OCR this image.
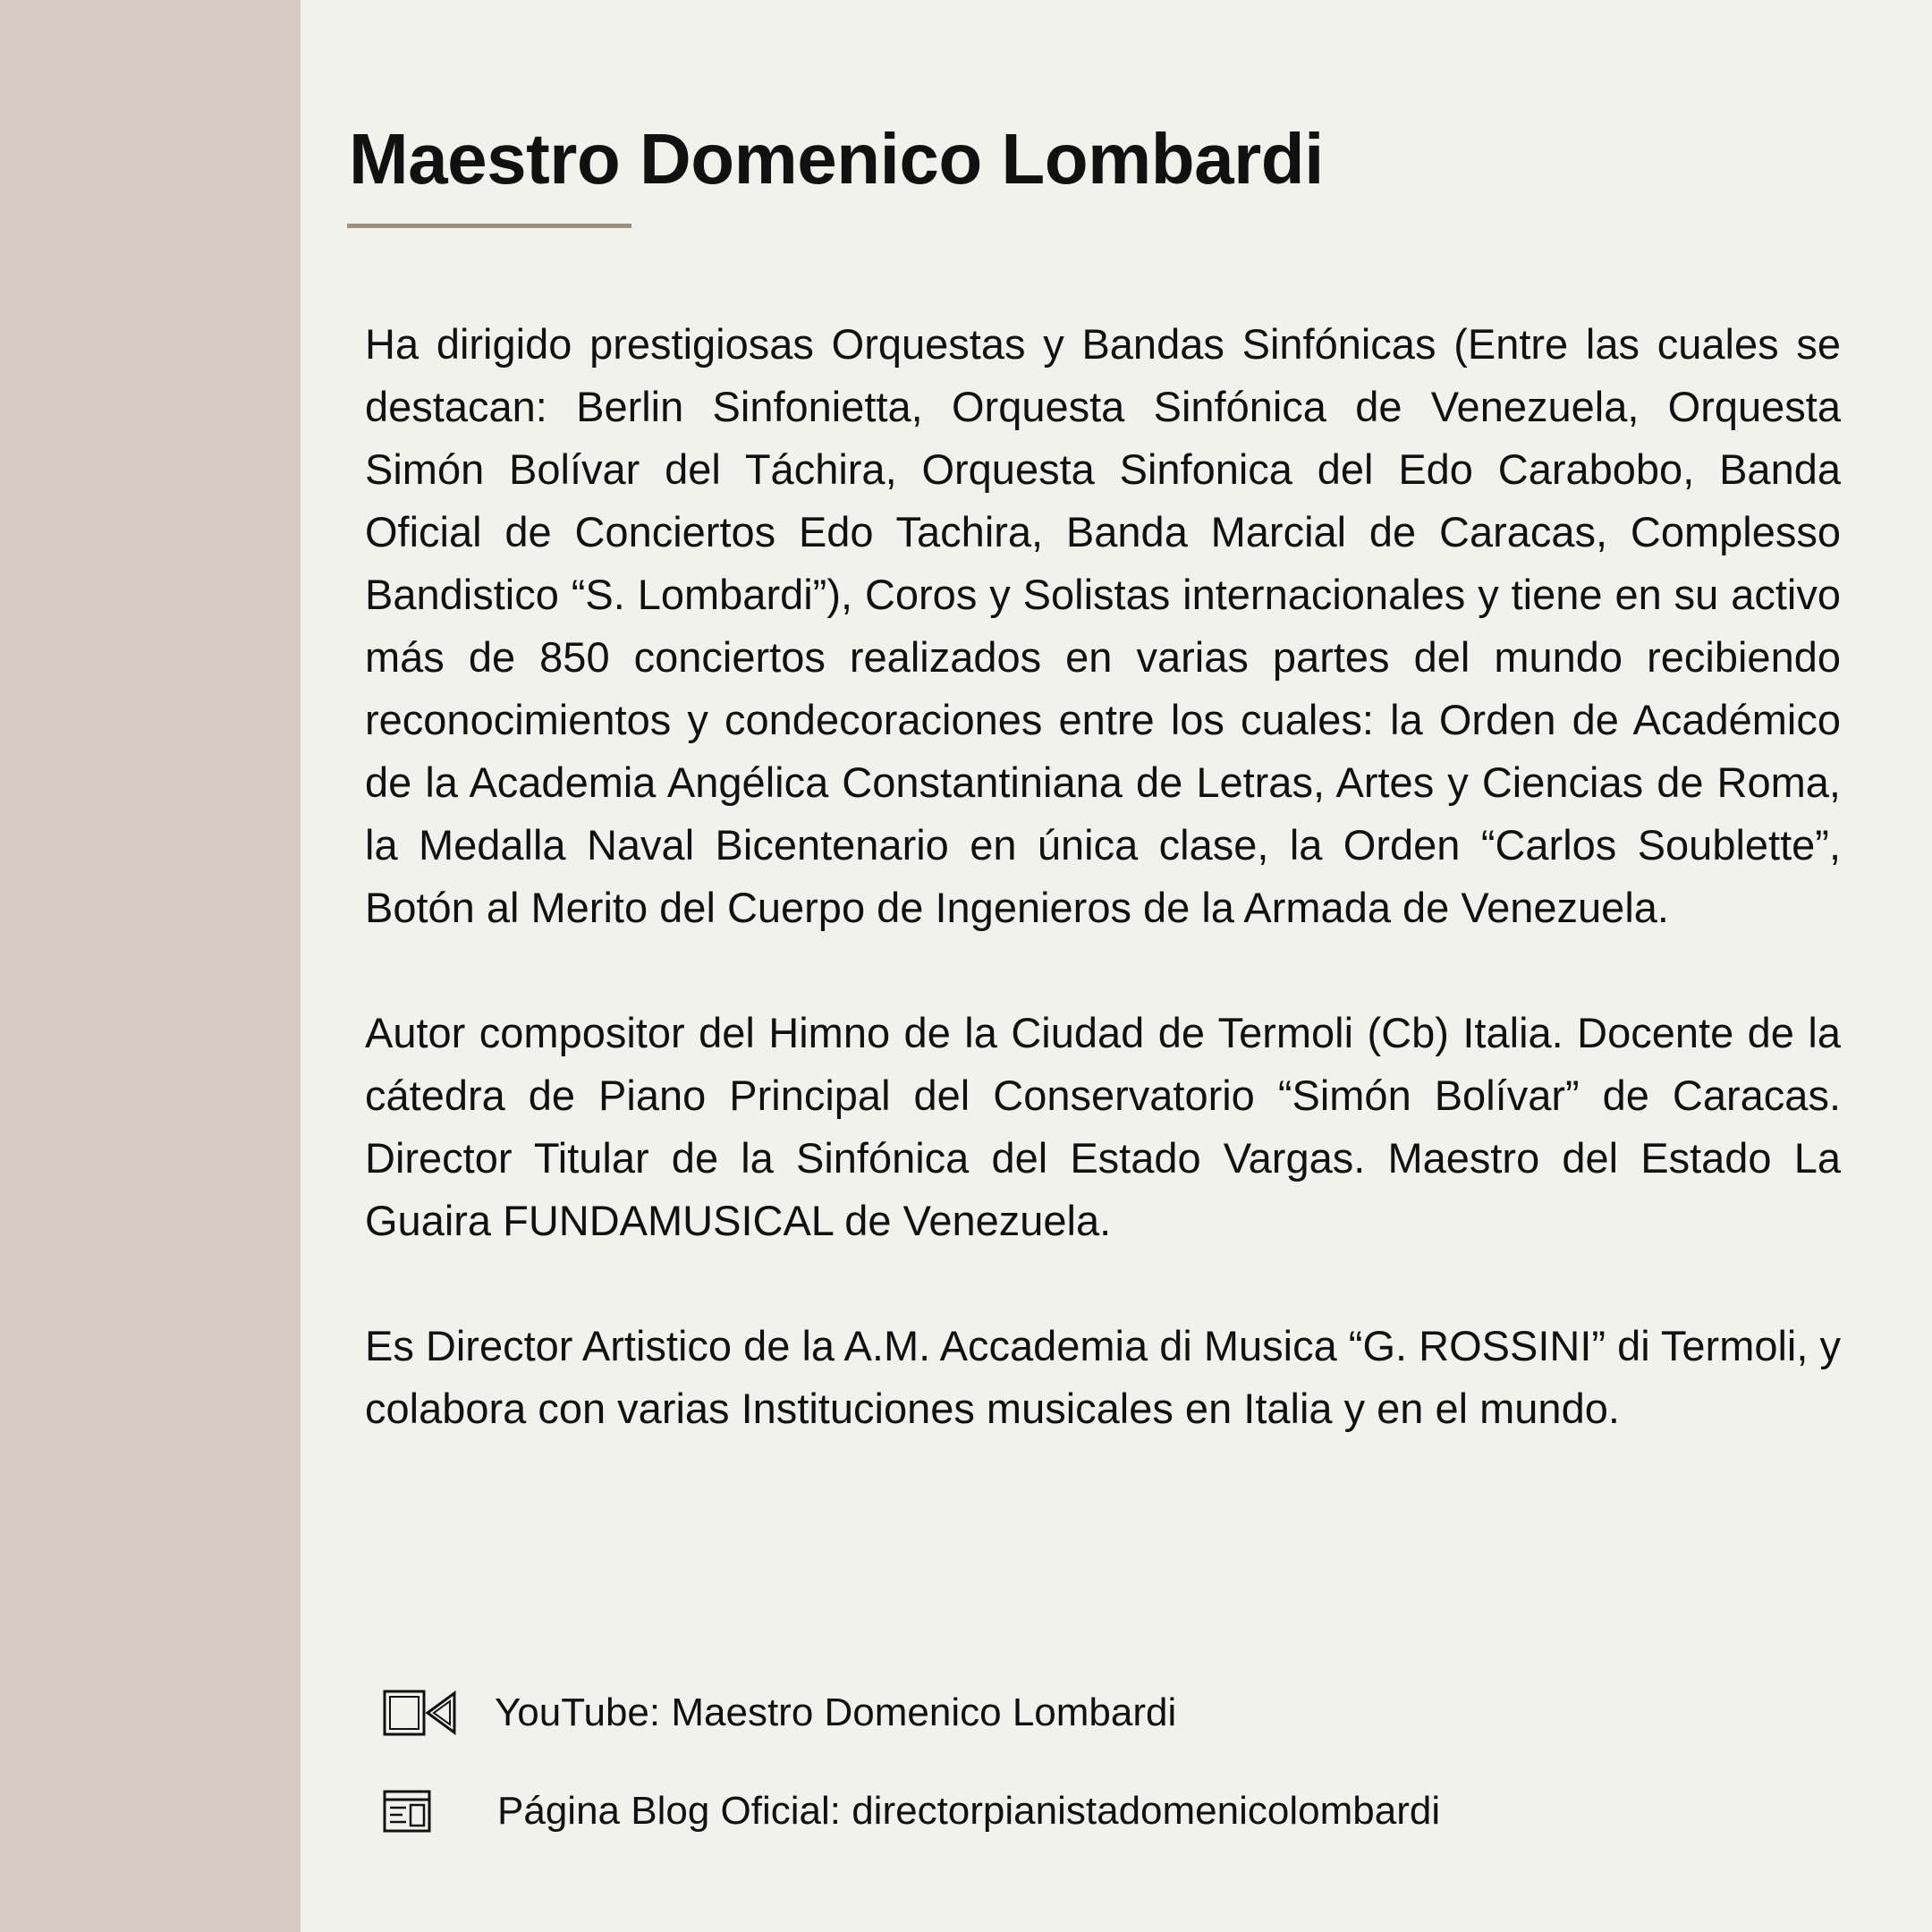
Maestro Domenico Lombardi

Ha dirigido prestigiosas Orquestas y Bandas Sinfónicas (Entre las cuales se destacan: Berlin Sinfonietta, Orquesta Sinfónica de Venezuela, Orquesta Simón Bolívar del Táchira, Orquesta Sinfonica del Edo Carabobo, Banda Oficial de Conciertos Edo Tachira, Banda Marcial de Caracas, Complesso Bandistico “S. Lombardi”), Coros y Solistas internacionales y tiene en su activo más de 850 conciertos realizados en varias partes del mundo recibiendo reconocimientos y condecoraciones entre los cuales: la Orden de Académico de la Academia Angélica Constantiniana de Letras, Artes y Ciencias de Roma, la Medalla Naval Bicentenario en única clase, la Orden “Carlos Soublette”, Botón al Merito del Cuerpo de Ingenieros de la Armada de Venezuela.

Autor compositor del Himno de la Ciudad de Termoli (Cb) Italia. Docente de la cátedra de Piano Principal del Conservatorio “Simón Bolívar” de Caracas. Director Titular de la Sinfónica del Estado Vargas. Maestro del Estado La Guaira FUNDAMUSICAL de Venezuela.

Es Director Artistico de la A.M. Accademia di Musica “G. ROSSINI” di Termoli, y colabora con varias Instituciones musicales en Italia y en el mundo.

YouTube: Maestro Domenico Lombardi
Página Blog Oficial: directorpianistadomenicolombardi
